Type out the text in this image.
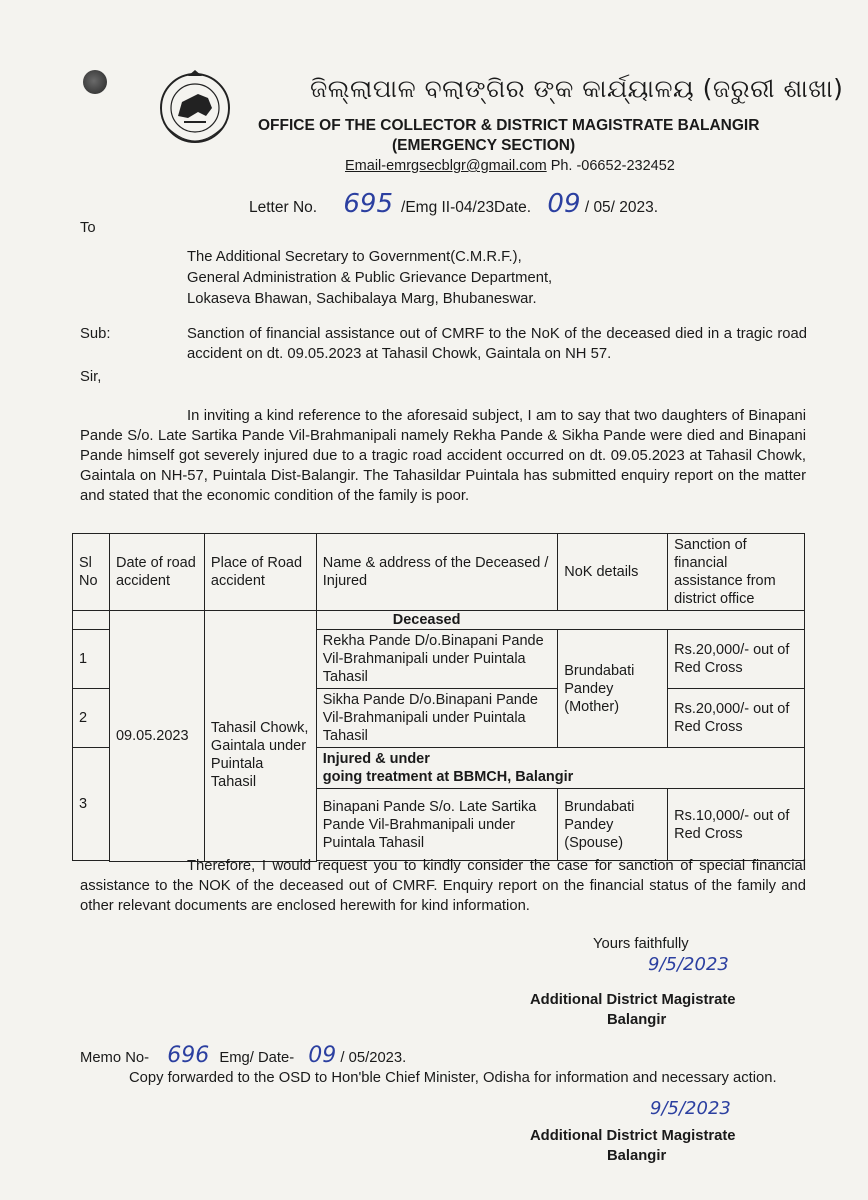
ଜିଲ୍ଲାପାଳ ବଲାଙ୍ଗିର ଙ୍କ କାର୍ଯ୍ୟାଳୟ (ଜରୁରୀ ଶାଖା)
OFFICE OF THE COLLECTOR & DISTRICT MAGISTRATE BALANGIR
(EMERGENCY SECTION)
Email-emrgsecblgr@gmail.com Ph. -06652-232452
Letter No. 695 /Emg II-04/23Date. 09 / 05/ 2023.
To
The Additional Secretary to Government(C.M.R.F.),
General Administration & Public Grievance Department,
Lokaseva Bhawan, Sachibalaya Marg, Bhubaneswar.
Sub:	Sanction of financial assistance out of CMRF to the NoK of the deceased died in a tragic road accident on dt. 09.05.2023 at Tahasil Chowk, Gaintala on NH 57.
Sir,
In inviting a kind reference to the aforesaid subject, I am to say that two daughters of Binapani Pande S/o. Late Sartika Pande Vil-Brahmanipali namely Rekha Pande & Sikha Pande were died and Binapani Pande himself got severely injured due to a tragic road accident occurred on dt. 09.05.2023 at Tahasil Chowk, Gaintala on NH-57, Puintala Dist-Balangir. The Tahasildar Puintala has submitted enquiry report on the matter and stated that the economic condition of the family is poor.
Sl No	Date of road accident	Place of Road accident	Name & address of the Deceased / Injured	NoK details	Sanction of financial assistance from district office
	09.05.2023	Tahasil Chowk, Gaintala under Puintala Tahasil	Deceased		
1			Rekha Pande D/o.Binapani Pande Vil-Brahmanipali under Puintala Tahasil	Brundabati Pandey (Mother)	Rs.20,000/- out of Red Cross
2			Sikha Pande D/o.Binapani Pande Vil-Brahmanipali under Puintala Tahasil		Rs.20,000/- out of Red Cross
3			Injured & under
going treatment at BBMCH, Balangir		

			Binapani Pande S/o. Late Sartika Pande Vil-Brahmanipali under Puintala Tahasil	Brundabati Pandey (Spouse)	Rs.10,000/- out of Red Cross

Therefore, I would request you to kindly consider the case for sanction of special financial assistance to the NOK of the deceased out of CMRF. Enquiry report on the financial status of the family and other relevant documents are enclosed herewith for kind information.
Yours faithfully
9/5/2023
Additional District Magistrate
Balangir
Memo No- 696 Emg/ Date- 09 / 05/2023.
Copy forwarded to the OSD to Hon'ble Chief Minister, Odisha for information and necessary action.
9/5/2023
Additional District Magistrate
Balangir
